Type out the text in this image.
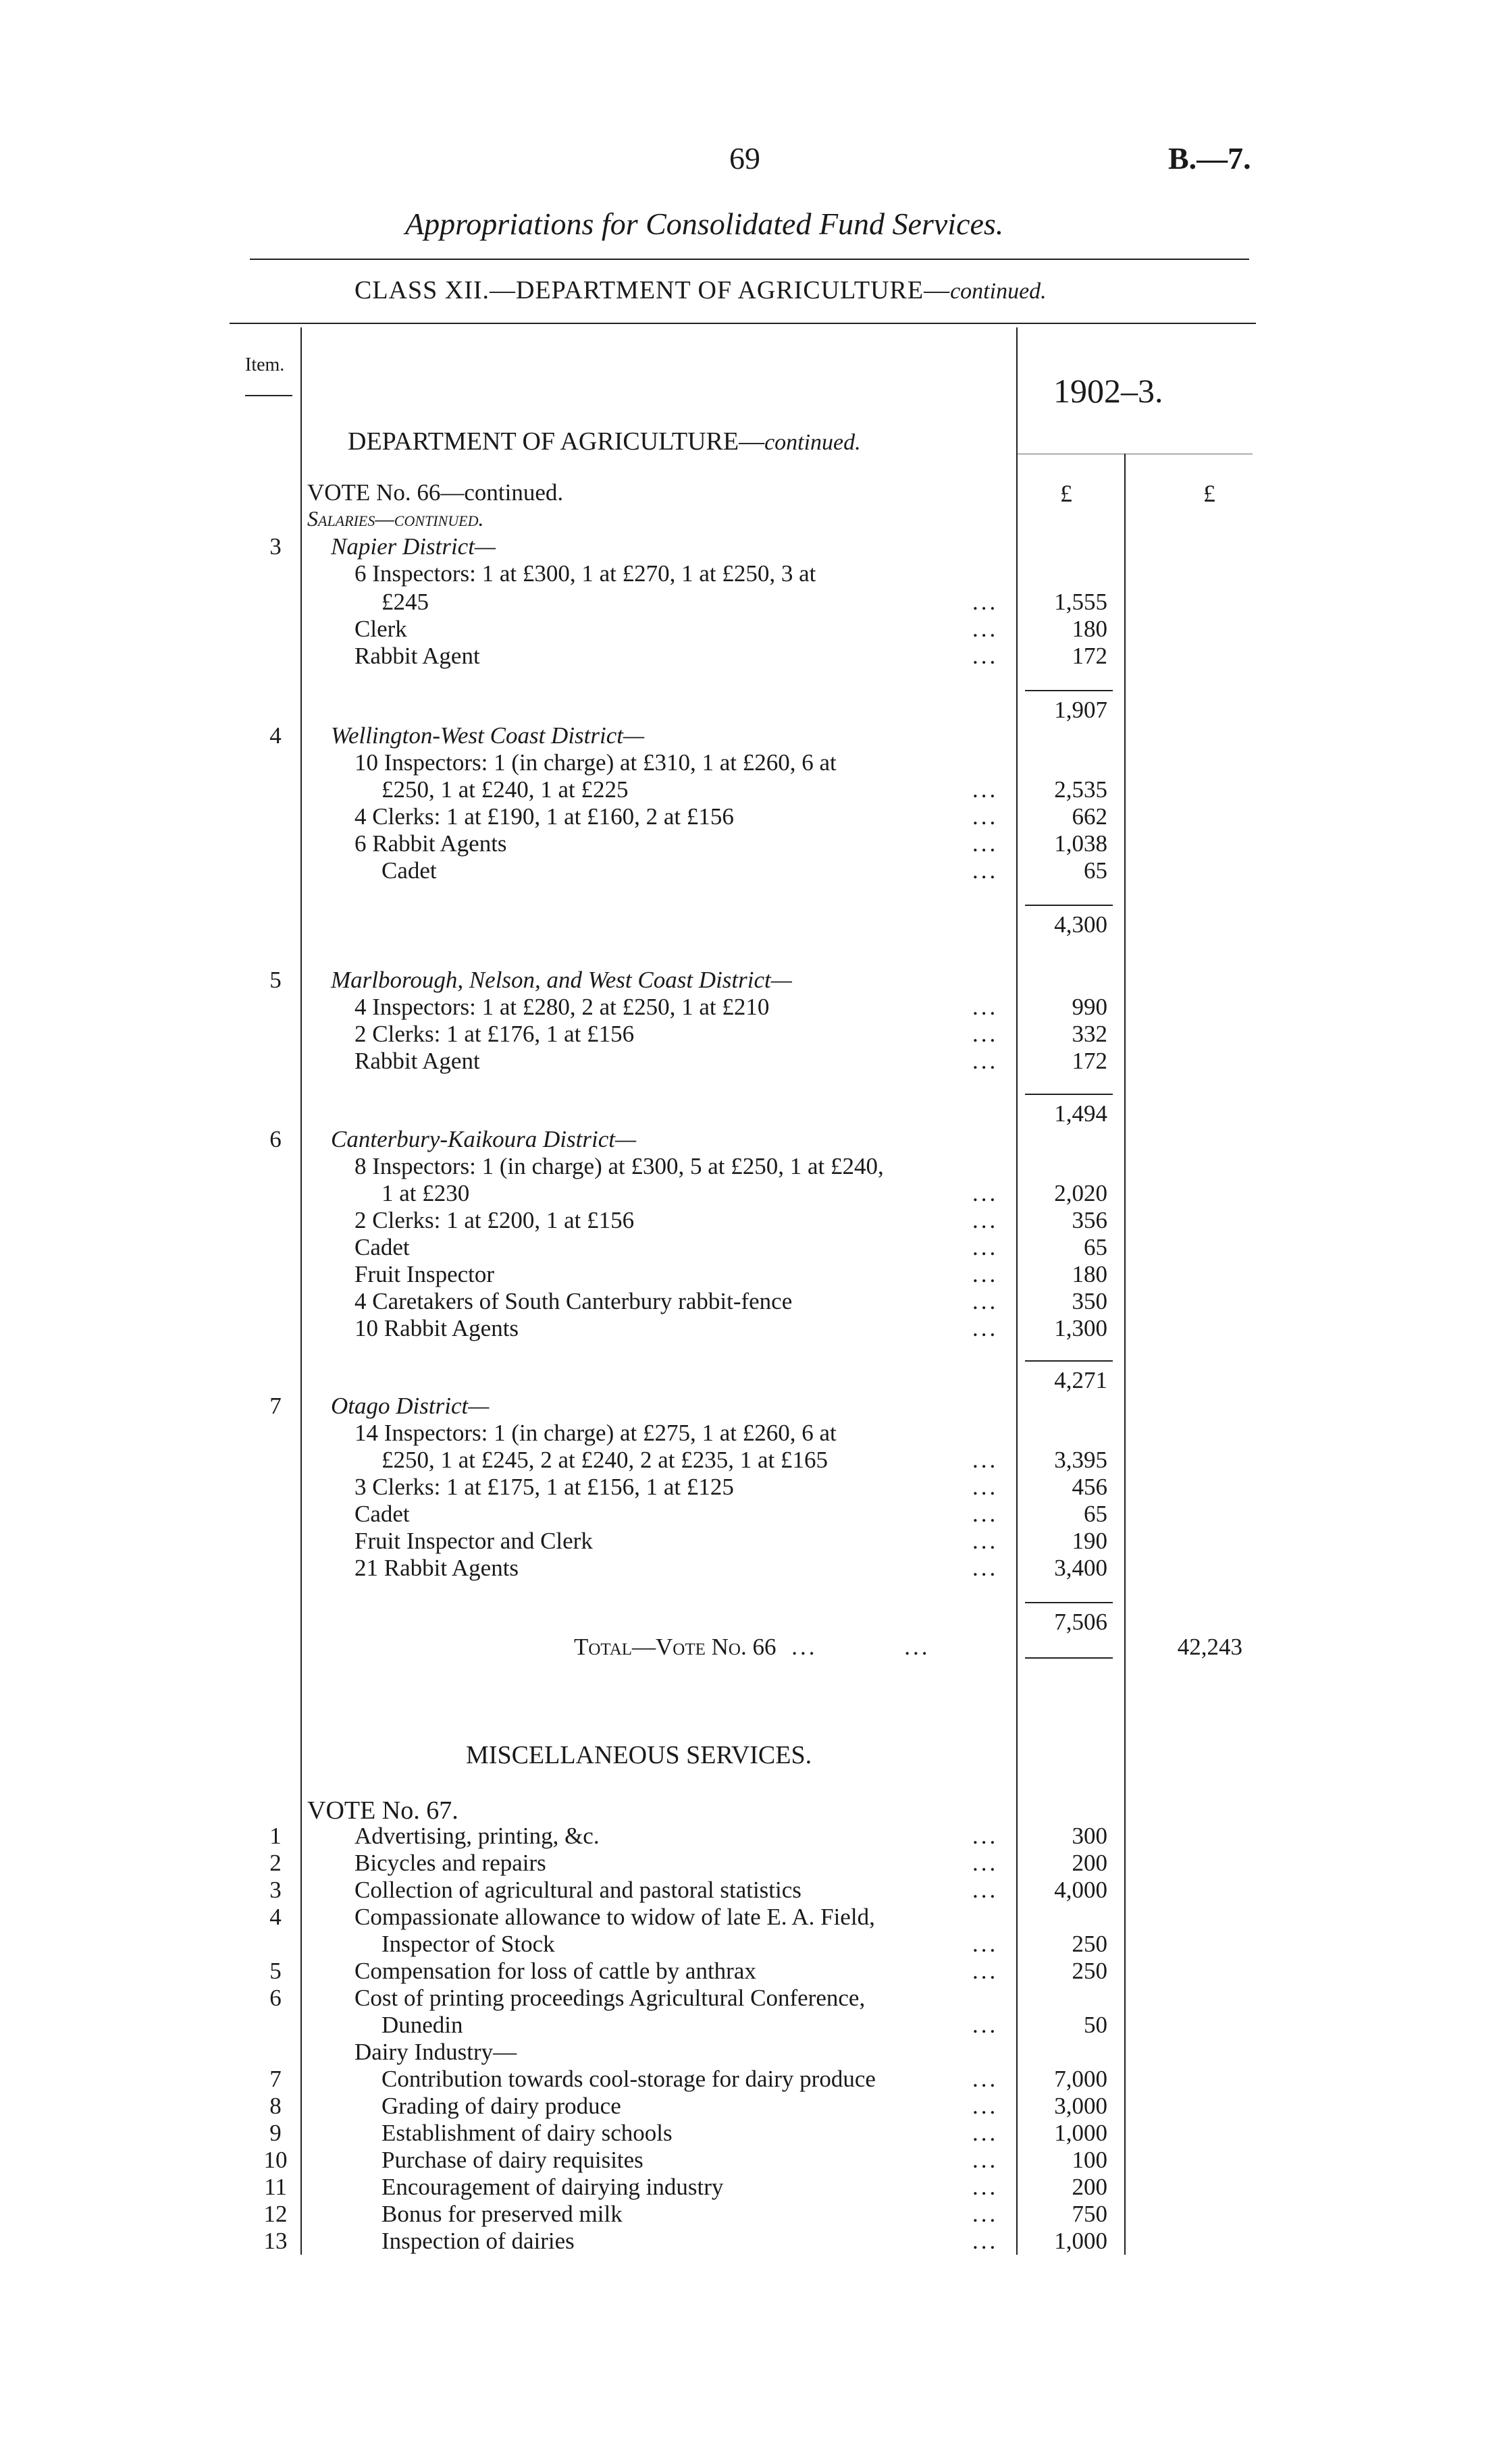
69	B.—7.
Appropriations for Consolidated Fund Services.
CLASS XII.—DEPARTMENT OF AGRICULTURE—continued.
Item.
1902–3.
DEPARTMENT OF AGRICULTURE—continued.
£	£
VOTE No. 66—continued.
Salaries—continued.
3	Napier District—
6 Inspectors: 1 at £300, 1 at £270, 1 at £250, 3 at
£245	...	1,555
Clerk	...	180
Rabbit Agent	...	172
1,907
4	Wellington-West Coast District—
10 Inspectors: 1 (in charge) at £310, 1 at £260, 6 at
£250, 1 at £240, 1 at £225	...	2,535
4 Clerks: 1 at £190, 1 at £160, 2 at £156	...	662
6 Rabbit Agents	...	1,038
Cadet	...	65
4,300
5	Marlborough, Nelson, and West Coast District—
4 Inspectors: 1 at £280, 2 at £250, 1 at £210	...	990
2 Clerks: 1 at £176, 1 at £156	...	332
Rabbit Agent	...	172
1,494
6	Canterbury-Kaikoura District—
8 Inspectors: 1 (in charge) at £300, 5 at £250, 1 at £240,
1 at £230	...	2,020
2 Clerks: 1 at £200, 1 at £156	...	356
Cadet	...	65
Fruit Inspector	...	180
4 Caretakers of South Canterbury rabbit-fence	...	350
10 Rabbit Agents	...	1,300
4,271
7	Otago District—
14 Inspectors: 1 (in charge) at £275, 1 at £260, 6 at
£250, 1 at £245, 2 at £240, 2 at £235, 1 at £165	...	3,395
3 Clerks: 1 at £175, 1 at £156, 1 at £125	...	456
Cadet	...	65
Fruit Inspector and Clerk	...	190
21 Rabbit Agents	...	3,400
7,506
Total—Vote No. 66 ...	...	42,243
MISCELLANEOUS SERVICES.
VOTE No. 67.
1	Advertising, printing, &c.	...	300
2	Bicycles and repairs	...	200
3	Collection of agricultural and pastoral statistics	...	4,000
4	Compassionate allowance to widow of late E. A. Field,
Inspector of Stock	...	250
5	Compensation for loss of cattle by anthrax	...	250
6	Cost of printing proceedings Agricultural Conference,
Dunedin	...	50
Dairy Industry—
7	Contribution towards cool-storage for dairy produce	...	7,000
8	Grading of dairy produce	...	3,000
9	Establishment of dairy schools	...	1,000
10	Purchase of dairy requisites	...	100
11	Encouragement of dairying industry	...	200
12	Bonus for preserved milk	...	750
13	Inspection of dairies	...	1,000
